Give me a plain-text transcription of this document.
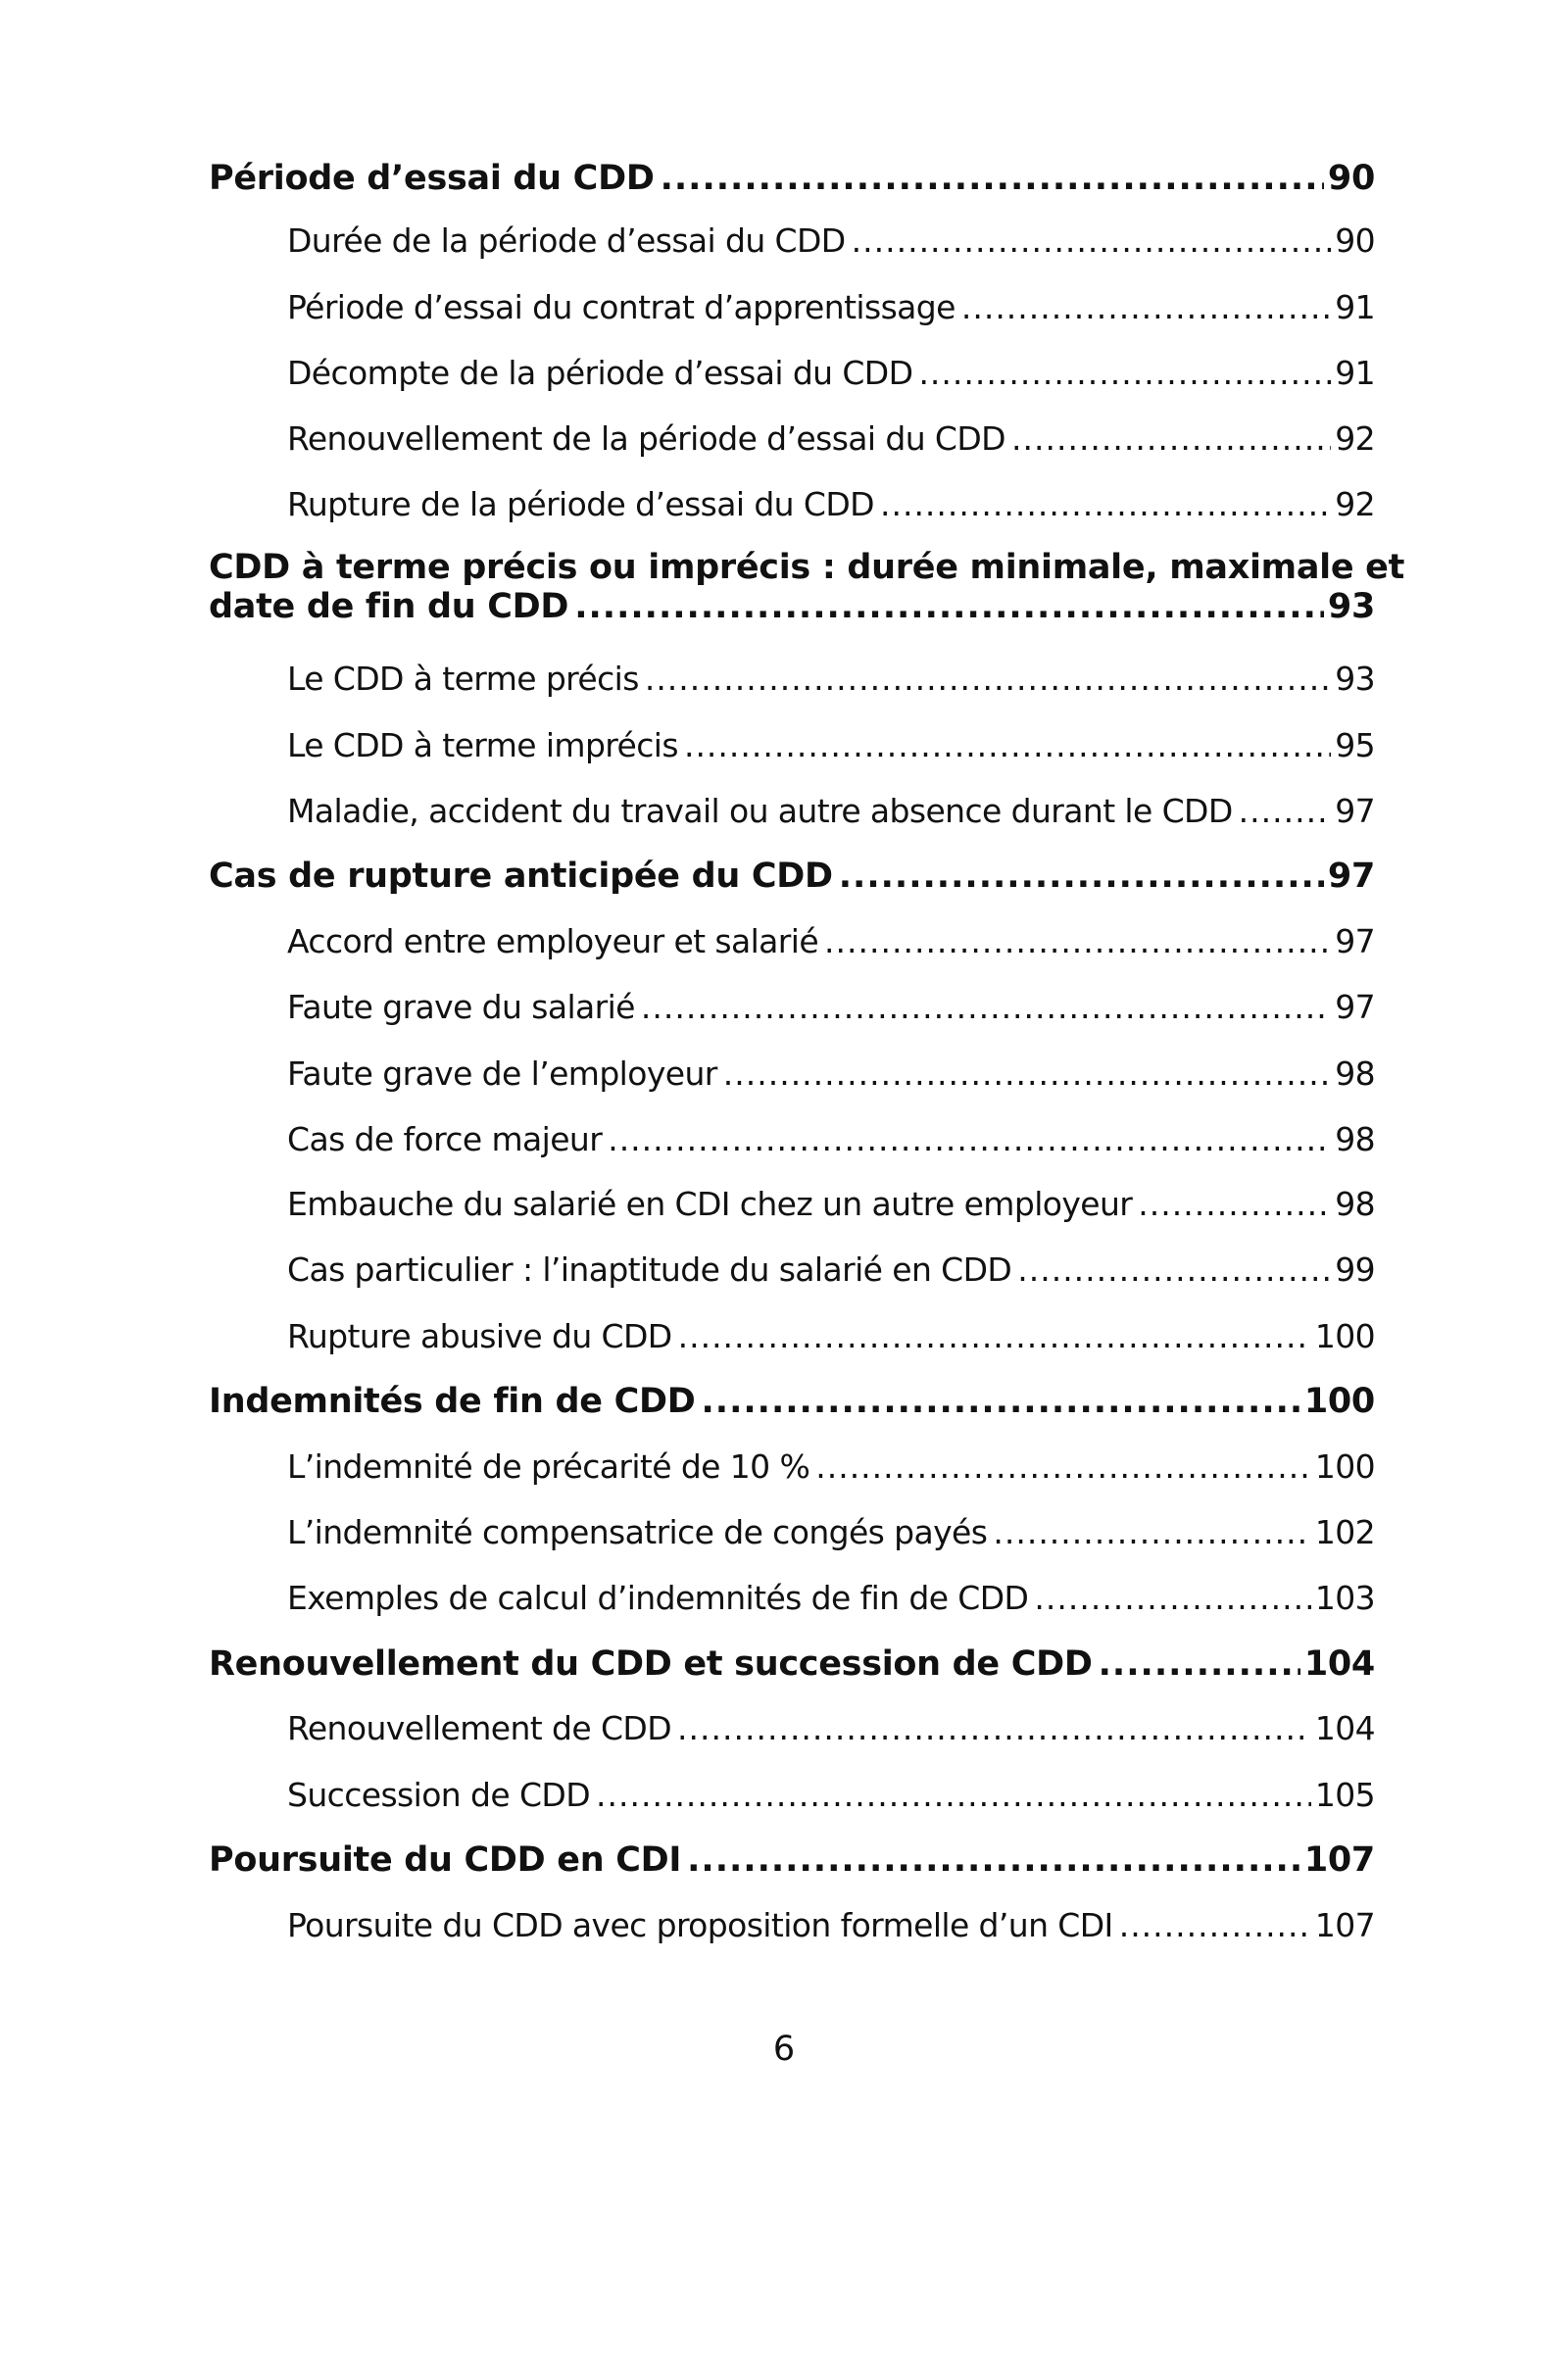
Période d’essai du CDD .....	90
Durée de la période d’essai du CDD .....	90
Période d’essai du contrat d’apprentissage .....	91
Décompte de la période d’essai du CDD .....	91
Renouvellement de la période d’essai du CDD .....	92
Rupture de la période d’essai du CDD .....	92
CDD à terme précis ou imprécis : durée minimale, maximale et
date de fin du CDD .....	93
Le CDD à terme précis .....	93
Le CDD à terme imprécis .....	95
Maladie, accident du travail ou autre absence durant le CDD .....	97
Cas de rupture anticipée du CDD .....	97
Accord entre employeur et salarié .....	97
Faute grave du salarié .....	97
Faute grave de l’employeur .....	98
Cas de force majeur .....	98
Embauche du salarié en CDI chez un autre employeur .....	98
Cas particulier : l’inaptitude du salarié en CDD .....	99
Rupture abusive du CDD .....	100
Indemnités de fin de CDD .....	100
L’indemnité de précarité de 10 % .....	100
L’indemnité compensatrice de congés payés .....	102
Exemples de calcul d’indemnités de fin de CDD .....	103
Renouvellement du CDD et succession de CDD .....	104
Renouvellement de CDD .....	104
Succession de CDD .....	105
Poursuite du CDD en CDI .....	107
Poursuite du CDD avec proposition formelle d’un CDI .....	107
6
